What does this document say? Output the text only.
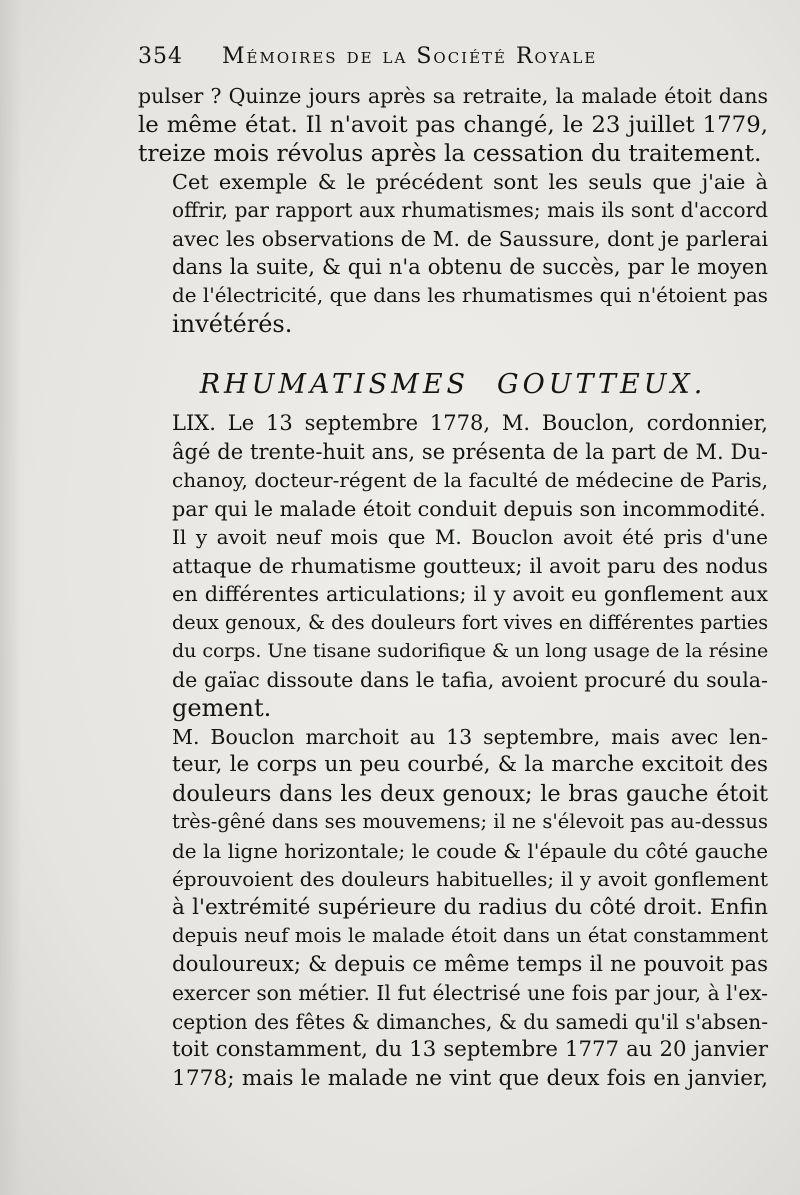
354 Mémoires de la Société Royale

pulser ? Quinze jours après sa retraite, la malade étoit dans
le même état. Il n'avoit pas changé, le 23 juillet 1779,
treize mois révolus après la cessation du traitement.

Cet exemple & le précédent sont les seuls que j'aie à
offrir, par rapport aux rhumatismes; mais ils sont d'accord
avec les observations de M. de Saussure, dont je parlerai
dans la suite, & qui n'a obtenu de succès, par le moyen
de l'électricité, que dans les rhumatismes qui n'étoient pas
invétérés.

RHUMATISMES GOUTTEUX.

LIX. Le 13 septembre 1778, M. Bouclon, cordonnier,
âgé de trente-huit ans, se présenta de la part de M. Du-
chanoy, docteur-régent de la faculté de médecine de Paris,
par qui le malade étoit conduit depuis son incommodité.

Il y avoit neuf mois que M. Bouclon avoit été pris d'une
attaque de rhumatisme goutteux; il avoit paru des nodus
en différentes articulations; il y avoit eu gonflement aux
deux genoux, & des douleurs fort vives en différentes parties
du corps. Une tisane sudorifique & un long usage de la résine
de gaïac dissoute dans le tafia, avoient procuré du soula-
gement.

M. Bouclon marchoit au 13 septembre, mais avec len-
teur, le corps un peu courbé, & la marche excitoit des
douleurs dans les deux genoux; le bras gauche étoit
très-gêné dans ses mouvemens; il ne s'élevoit pas au-dessus
de la ligne horizontale; le coude & l'épaule du côté gauche
éprouvoient des douleurs habituelles; il y avoit gonflement
à l'extrémité supérieure du radius du côté droit. Enfin
depuis neuf mois le malade étoit dans un état constamment
douloureux; & depuis ce même temps il ne pouvoit pas
exercer son métier. Il fut électrisé une fois par jour, à l'ex-
ception des fêtes & dimanches, & du samedi qu'il s'absen-
toit constamment, du 13 septembre 1777 au 20 janvier
1778; mais le malade ne vint que deux fois en janvier,
